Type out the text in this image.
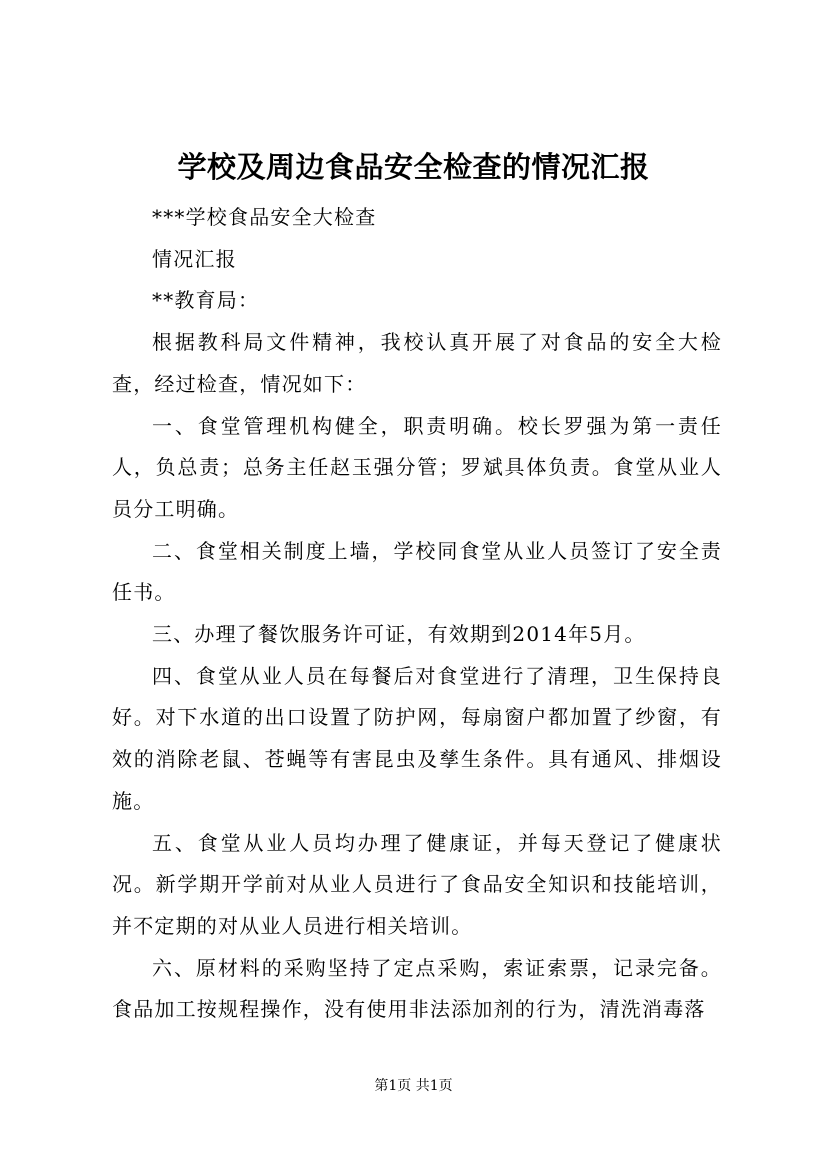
学校及周边食品安全检查的情况汇报

***学校食品安全大检查

情况汇报

**教育局：

根据教科局文件精神，我校认真开展了对食品的安全大检查，经过检查，情况如下：

一、食堂管理机构健全，职责明确。校长罗强为第一责任人，负总责；总务主任赵玉强分管；罗斌具体负责。食堂从业人员分工明确。

二、食堂相关制度上墙，学校同食堂从业人员签订了安全责任书。

三、办理了餐饮服务许可证，有效期到2014年5月。

四、食堂从业人员在每餐后对食堂进行了清理，卫生保持良好。对下水道的出口设置了防护网，每扇窗户都加置了纱窗，有效的消除老鼠、苍蝇等有害昆虫及孳生条件。具有通风、排烟设施。

五、食堂从业人员均办理了健康证，并每天登记了健康状况。新学期开学前对从业人员进行了食品安全知识和技能培训，并不定期的对从业人员进行相关培训。

六、原材料的采购坚持了定点采购，索证索票，记录完备。食品加工按规程操作，没有使用非法添加剂的行为，清洗消毒落

第1页 共1页
